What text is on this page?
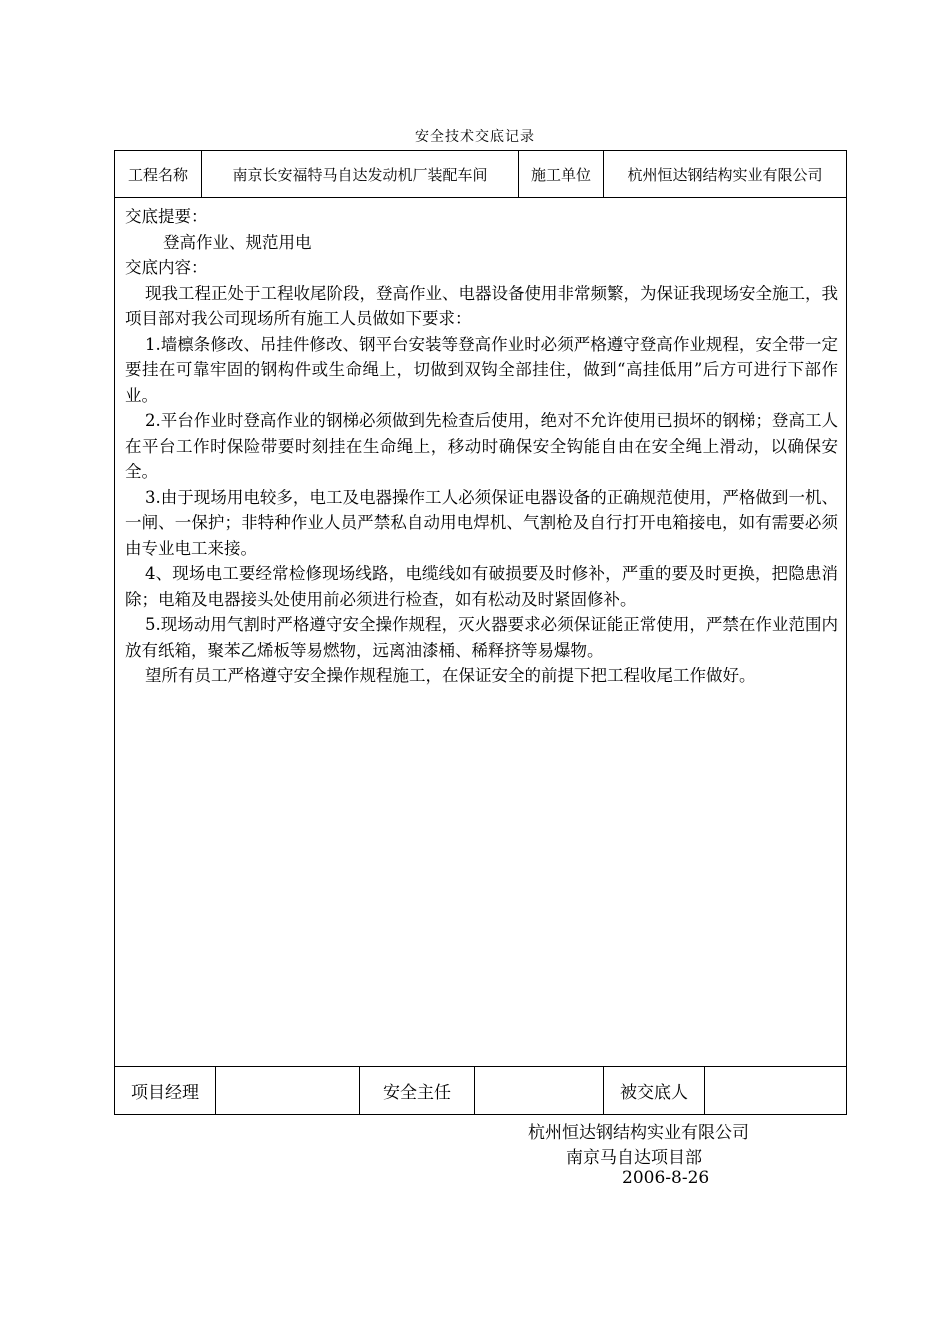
安全技术交底记录
工程名称	南京长安福特马自达发动机厂装配车间	施工单位	杭州恒达钢结构实业有限公司

交底提要：

登高作业、规范用电

交底内容：

现我工程正处于工程收尾阶段，登高作业、电器设备使用非常频繁，为保证我现场安全施工，我项目部对我公司现场所有施工人员做如下要求：

1.墙檩条修改、吊挂件修改、钢平台安装等登高作业时必须严格遵守登高作业规程，安全带一定要挂在可靠牢固的钢构件或生命绳上，切做到双钩全部挂住，做到“高挂低用”后方可进行下部作业。

2.平台作业时登高作业的钢梯必须做到先检查后使用，绝对不允许使用已损坏的钢梯；登高工人在平台工作时保险带要时刻挂在生命绳上，移动时确保安全钩能自由在安全绳上滑动，以确保安全。

3.由于现场用电较多，电工及电器操作工人必须保证电器设备的正确规范使用，严格做到一机、一闸、一保护；非特种作业人员严禁私自动用电焊机、气割枪及自行打开电箱接电，如有需要必须由专业电工来接。

4、现场电工要经常检修现场线路，电缆线如有破损要及时修补，严重的要及时更换，把隐患消除；电箱及电器接头处使用前必须进行检查，如有松动及时紧固修补。

5.现场动用气割时严格遵守安全操作规程，灭火器要求必须保证能正常使用，严禁在作业范围内放有纸箱，聚苯乙烯板等易燃物，远离油漆桶、稀释挤等易爆物。

望所有员工严格遵守安全操作规程施工，在保证安全的前提下把工程收尾工作做好。

项目经理	安全主任	被交底人
杭州恒达钢结构实业有限公司
南京马自达项目部
2006-8-26
